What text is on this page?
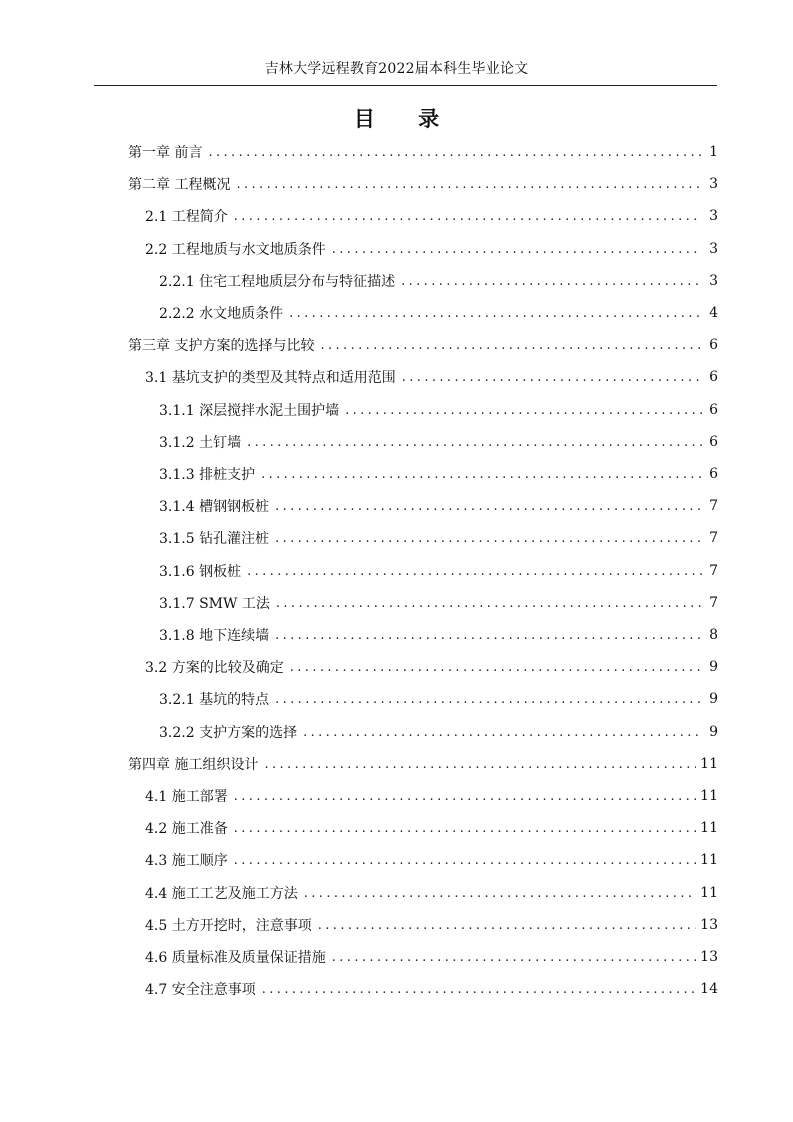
吉林大学远程教育2022届本科生毕业论文
目 录
第一章 前言 .....	1
第二章 工程概况 .....	3
2.1 工程简介 .....	3
2.2 工程地质与水文地质条件 .....	3
2.2.1 住宅工程地质层分布与特征描述 .....	3
2.2.2 水文地质条件 .....	4
第三章 支护方案的选择与比较 .....	6
3.1 基坑支护的类型及其特点和适用范围 .....	6
3.1.1 深层搅拌水泥土围护墙 .....	6
3.1.2 土钉墙 .....	6
3.1.3 排桩支护 .....	6
3.1.4 槽钢钢板桩 .....	7
3.1.5 钻孔灌注桩 .....	7
3.1.6 钢板桩 .....	7
3.1.7 SMW 工法 .....	7
3.1.8 地下连续墙 .....	8
3.2 方案的比较及确定 .....	9
3.2.1 基坑的特点 .....	9
3.2.2 支护方案的选择 .....	9
第四章 施工组织设计 .....	11
4.1 施工部署 .....	11
4.2 施工准备 .....	11
4.3 施工顺序 .....	11
4.4 施工工艺及施工方法 .....	11
4.5 土方开挖时，注意事项 .....	13
4.6 质量标准及质量保证措施 .....	13
4.7 安全注意事项 .....	14
